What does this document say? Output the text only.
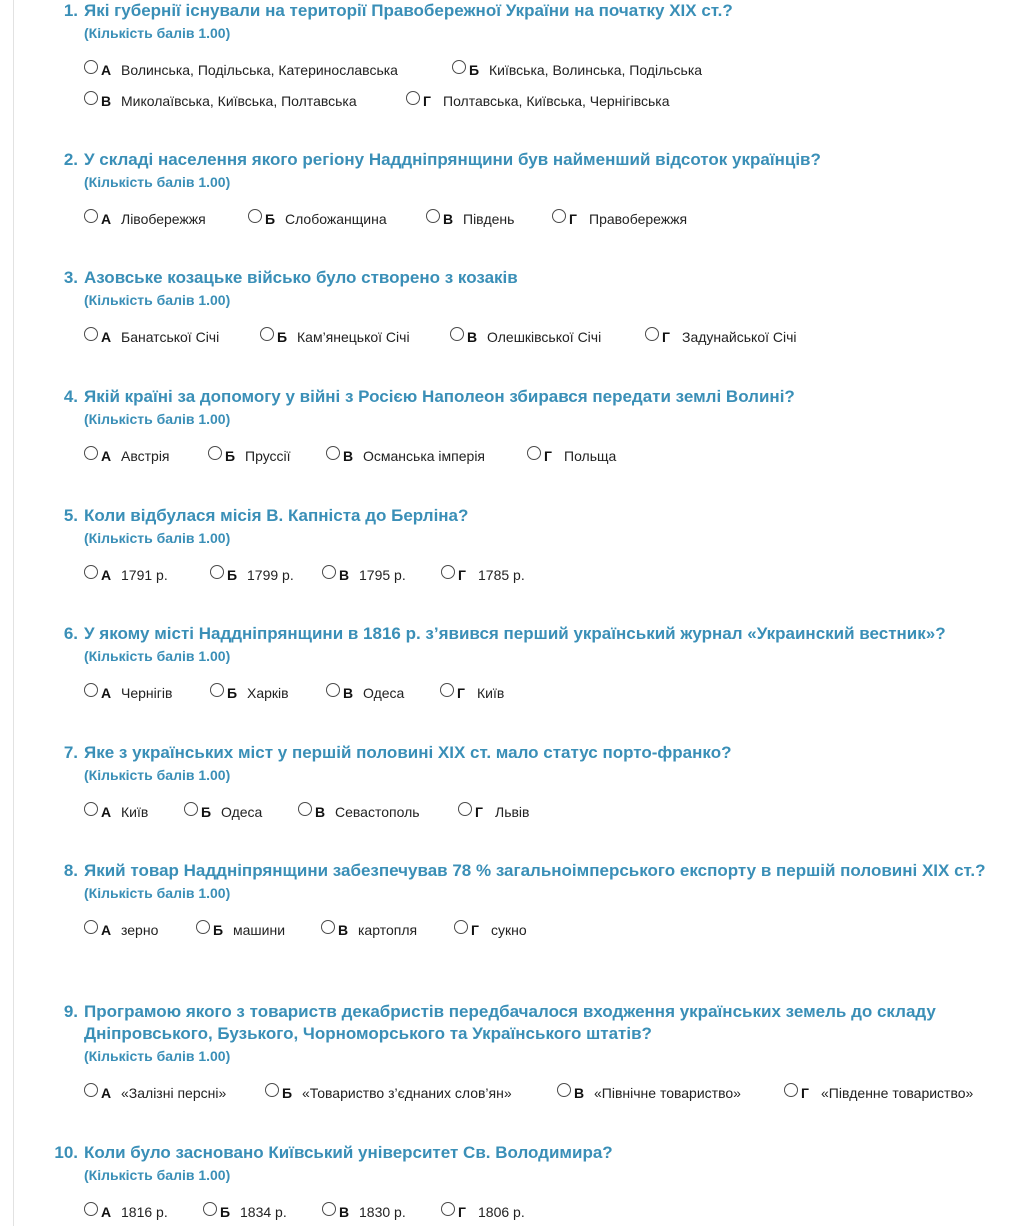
1. Які губернії існували на території Правобережної України на початку XIX ст.?
(Кількість балів 1.00)
А Волинська, Подільська, Катеринославська	Б Київська, Волинська, Подільська
В Миколаївська, Київська, Полтавська	Г Полтавська, Київська, Чернігівська
2. У складі населення якого регіону Наддніпрянщини був найменший відсоток українців?
(Кількість балів 1.00)
А Лівобережжя	Б Слобожанщина	В Південь	Г Правобережжя
3. Азовське козацьке військо було створено з козаків
(Кількість балів 1.00)
А Банатської Січі	Б Кам’янецької Січі	В Олешківської Січі	Г Задунайської Січі
4. Якій країні за допомогу у війні з Росією Наполеон збирався передати землі Волині?
(Кількість балів 1.00)
А Австрія	Б Пруссії	В Османська імперія	Г Польща
5. Коли відбулася місія В. Капніста до Берліна?
(Кількість балів 1.00)
А 1791 р.	Б 1799 р.	В 1795 р.	Г 1785 р.
6. У якому місті Наддніпрянщини в 1816 р. з’явився перший український журнал «Украинский вестник»?
(Кількість балів 1.00)
А Чернігів	Б Харків	В Одеса	Г Київ
7. Яке з українських міст у першій половині XIX ст. мало статус порто-франко?
(Кількість балів 1.00)
А Київ	Б Одеса	В Севастополь	Г Львів
8. Який товар Наддніпрянщини забезпечував 78 % загальноімперського експорту в першій половині XIX ст.?
(Кількість балів 1.00)
А зерно	Б машини	В картопля	Г сукно
9. Програмою якого з товариств декабристів передбачалося входження українських земель до складу Дніпровського, Бузького, Чорноморського та Українського штатів?
(Кількість балів 1.00)
А «Залізні персні»	Б «Товариство з’єднаних слов’ян»	В «Північне товариство»	Г «Південне товариство»
10. Коли було засновано Київський університет Св. Володимира?
(Кількість балів 1.00)
А 1816 р.	Б 1834 р.	В 1830 р.	Г 1806 р.
